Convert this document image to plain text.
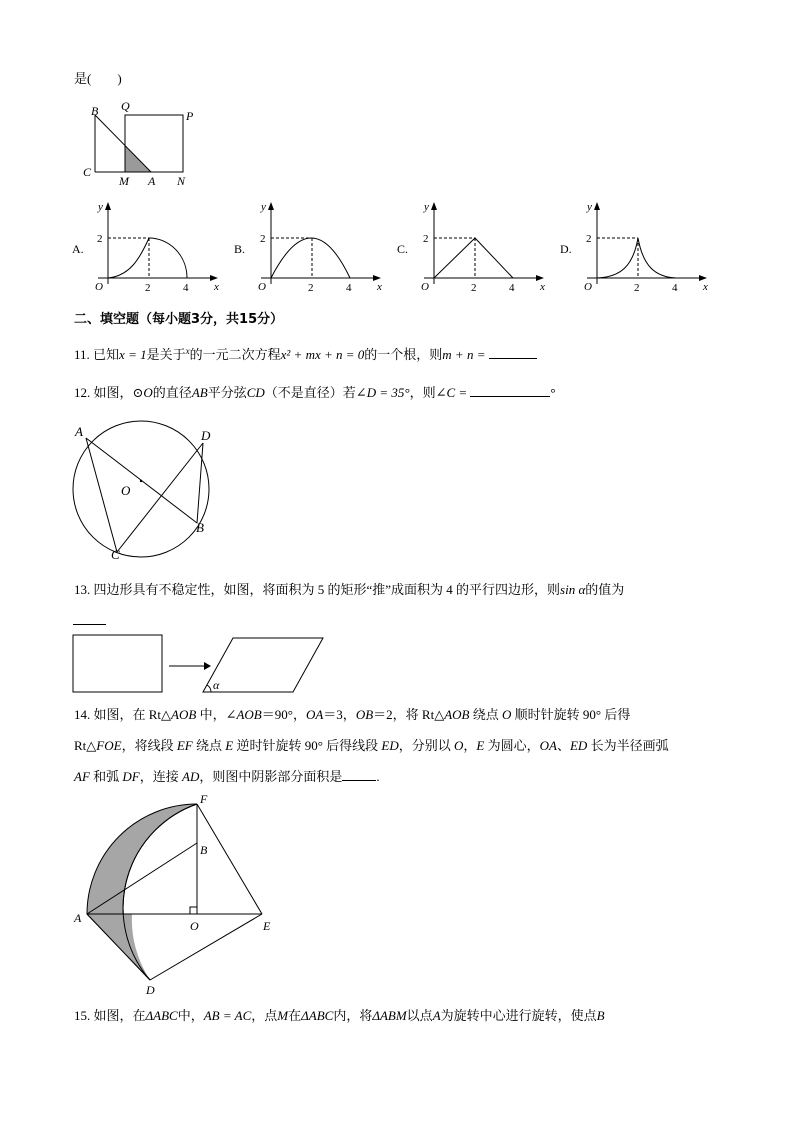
是(　　)
B Q
P
C
M A N
A.	B.	C.	D.
y
x
O
2
2	4
y
x
O
2
2	4
y
x
O
2
2	4
y
x
O
2
2	4
二、填空题（每小题3分，共15分）
11. 已知x = 1是关于$^x$的一元二次方程x² + mx + n = 0的一个根，则m + n =
12. 如图，⊙O的直径AB平分弦CD（不是直径）若∠D = 35°，则∠C =	°
A	D
O
B
C
13. 四边形具有不稳定性，如图，将面积为 5 的矩形“推”成面积为 4 的平行四边形，则sin α的值为
α
14. 如图，在 Rt△AOB 中，∠AOB＝90°，OA＝3，OB＝2，将 Rt△AOB 绕点 O 顺时针旋转 90° 后得
Rt△FOE，将线段 EF 绕点 E 逆时针旋转 90° 后得线段 ED，分别以 O，E 为圆心，OA、ED 长为半径画弧
AF 和弧 DF，连接 AD，则图中阴影部分面积是	.
F
B
A
O	E
D
15. 如图，在ΔABC中，AB = AC，点M在ΔABC内，将ΔABM以点A为旋转中心进行旋转，使点B
